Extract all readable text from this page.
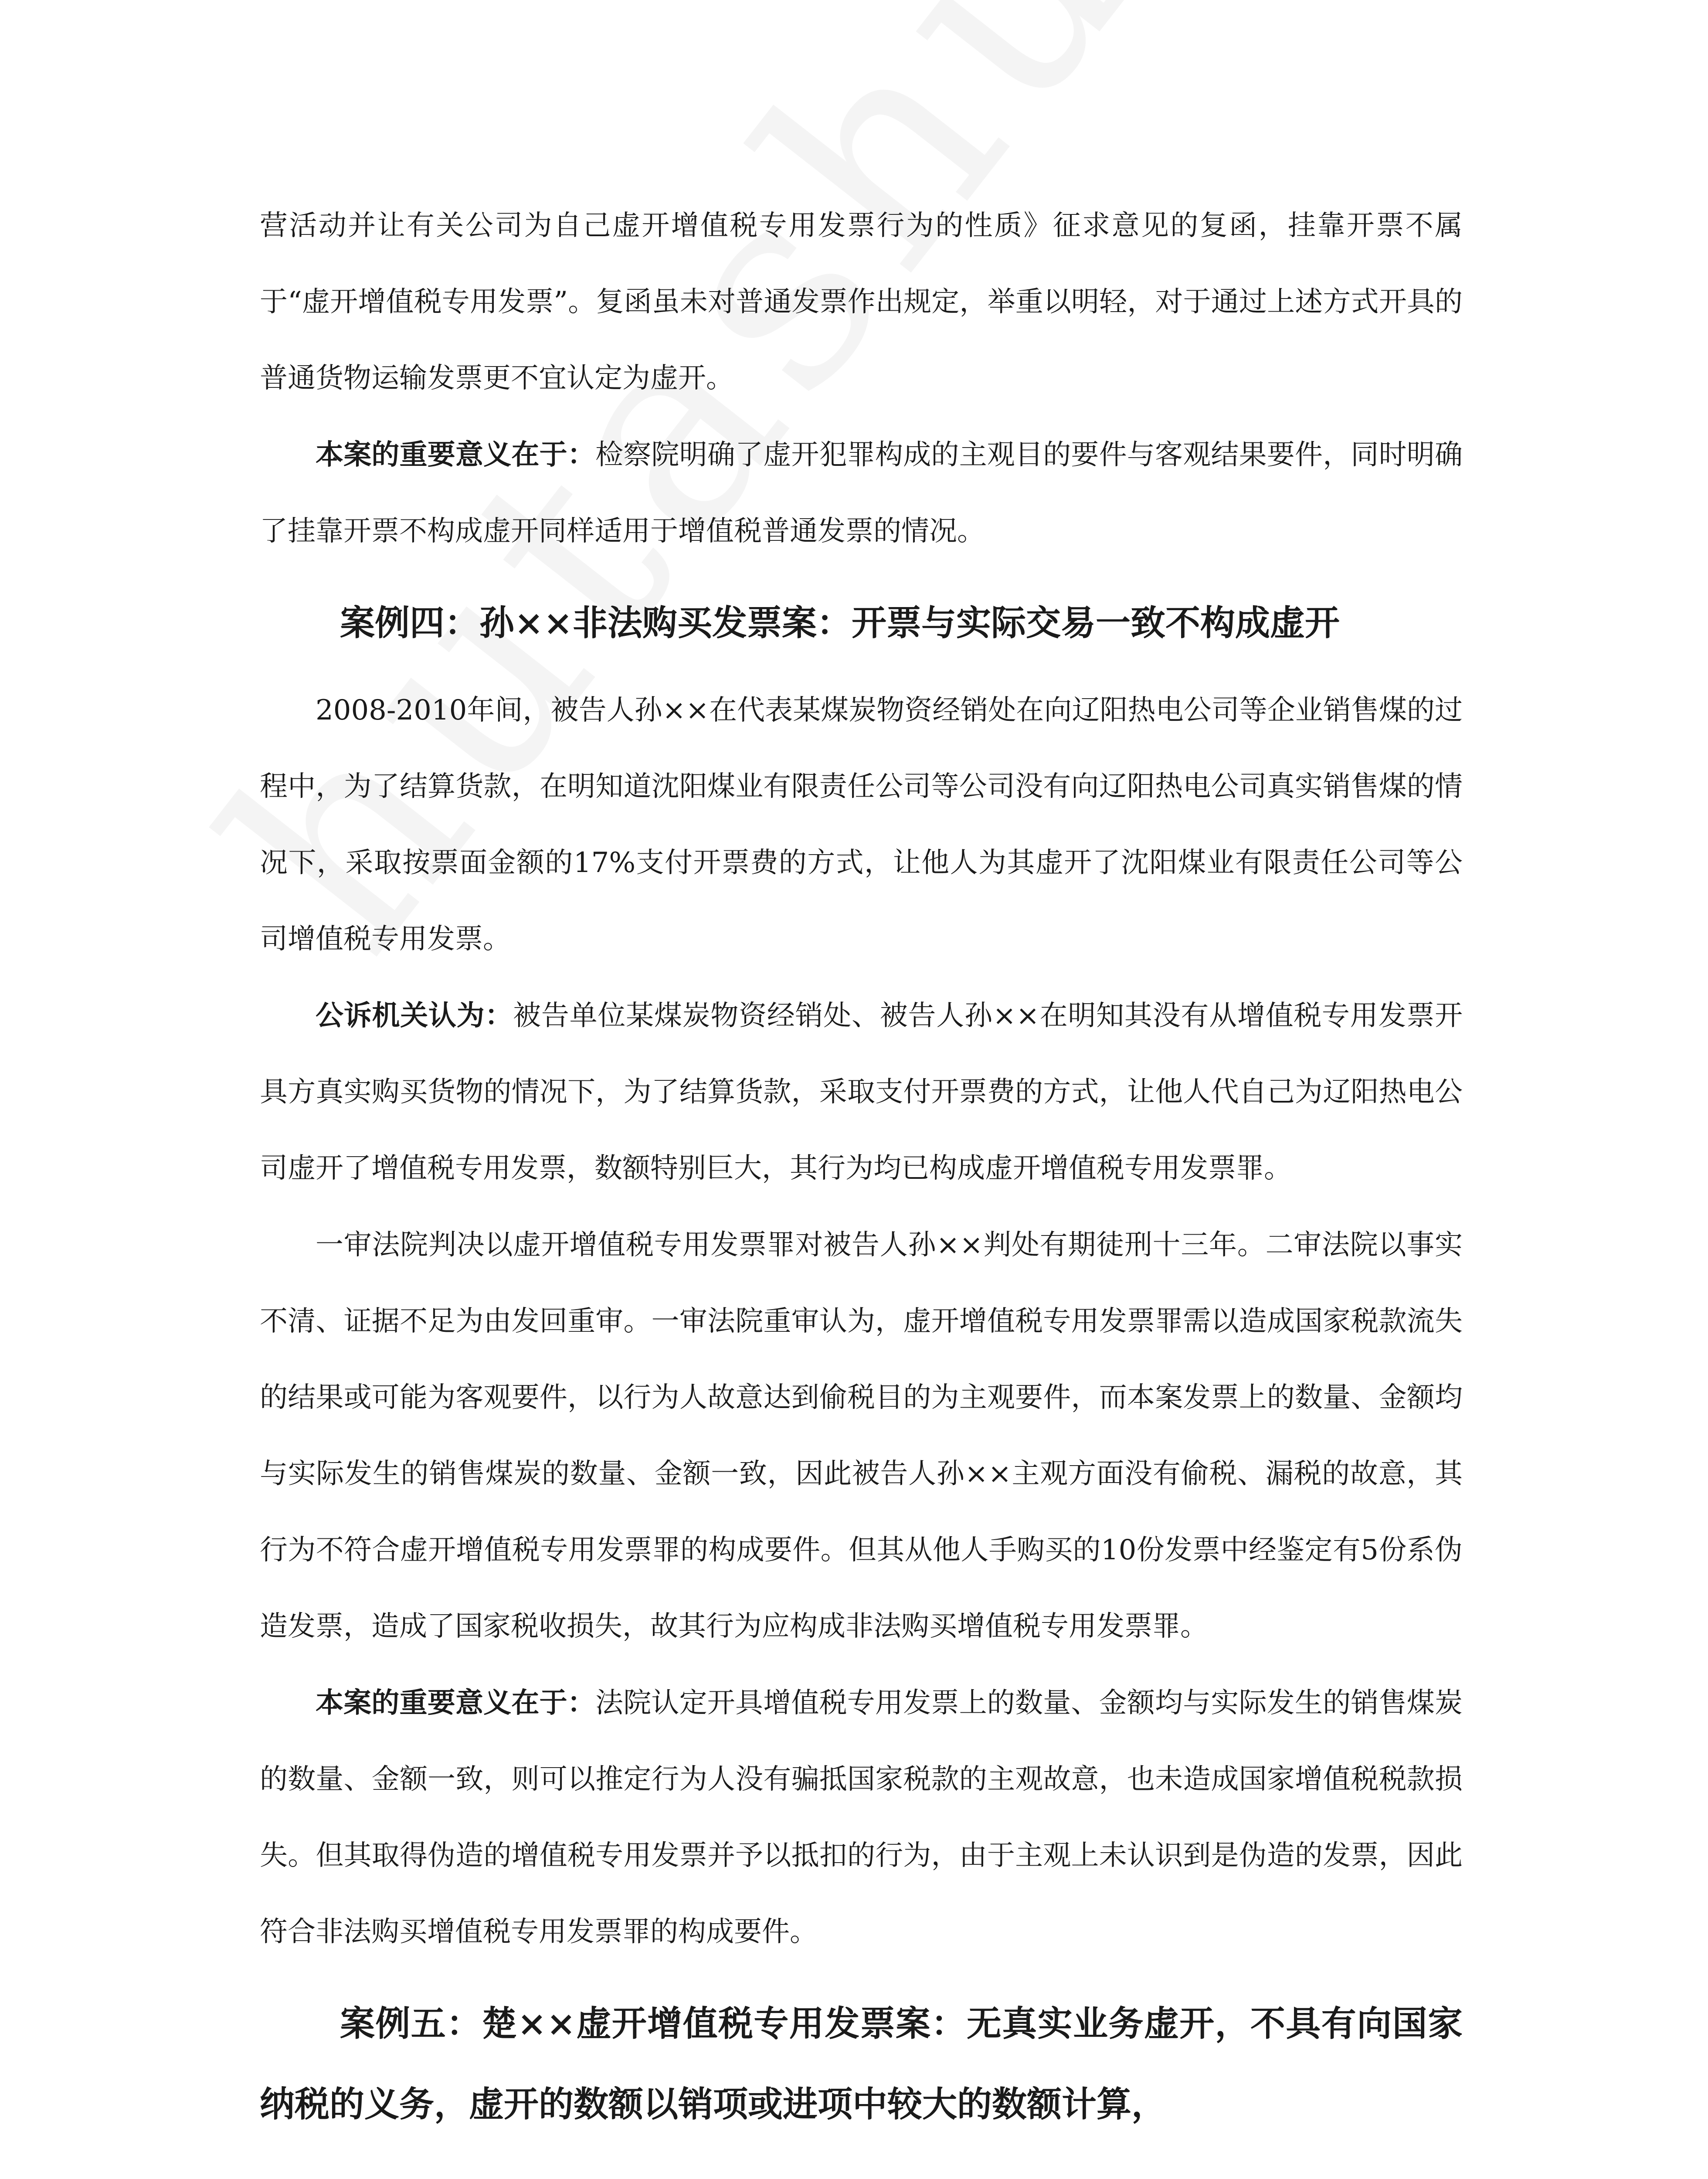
营活动并让有关公司为自己虚开增值税专用发票行为的性质》征求意见的复函，挂靠开票不属于“虚开增值税专用发票”。复函虽未对普通发票作出规定，举重以明轻，对于通过上述方式开具的普通货物运输发票更不宜认定为虚开。

本案的重要意义在于：检察院明确了虚开犯罪构成的主观目的要件与客观结果要件，同时明确了挂靠开票不构成虚开同样适用于增值税普通发票的情况。

案例四：孙××非法购买发票案：开票与实际交易一致不构成虚开

2008-2010年间，被告人孙××在代表某煤炭物资经销处在向辽阳热电公司等企业销售煤的过程中，为了结算货款，在明知道沈阳煤业有限责任公司等公司没有向辽阳热电公司真实销售煤的情况下，采取按票面金额的17%支付开票费的方式，让他人为其虚开了沈阳煤业有限责任公司等公司增值税专用发票。

公诉机关认为：被告单位某煤炭物资经销处、被告人孙××在明知其没有从增值税专用发票开具方真实购买货物的情况下，为了结算货款，采取支付开票费的方式，让他人代自己为辽阳热电公司虚开了增值税专用发票，数额特别巨大，其行为均已构成虚开增值税专用发票罪。

一审法院判决以虚开增值税专用发票罪对被告人孙××判处有期徒刑十三年。二审法院以事实不清、证据不足为由发回重审。一审法院重审认为，虚开增值税专用发票罪需以造成国家税款流失的结果或可能为客观要件，以行为人故意达到偷税目的为主观要件，而本案发票上的数量、金额均与实际发生的销售煤炭的数量、金额一致，因此被告人孙××主观方面没有偷税、漏税的故意，其行为不符合虚开增值税专用发票罪的构成要件。但其从他人手购买的10份发票中经鉴定有5份系伪造发票，造成了国家税收损失，故其行为应构成非法购买增值税专用发票罪。

本案的重要意义在于：法院认定开具增值税专用发票上的数量、金额均与实际发生的销售煤炭的数量、金额一致，则可以推定行为人没有骗抵国家税款的主观故意，也未造成国家增值税税款损失。但其取得伪造的增值税专用发票并予以抵扣的行为，由于主观上未认识到是伪造的发票，因此符合非法购买增值税专用发票罪的构成要件。

案例五：楚××虚开增值税专用发票案：无真实业务虚开，不具有向国家纳税的义务，虚开的数额以销项或进项中较大的数额计算，
